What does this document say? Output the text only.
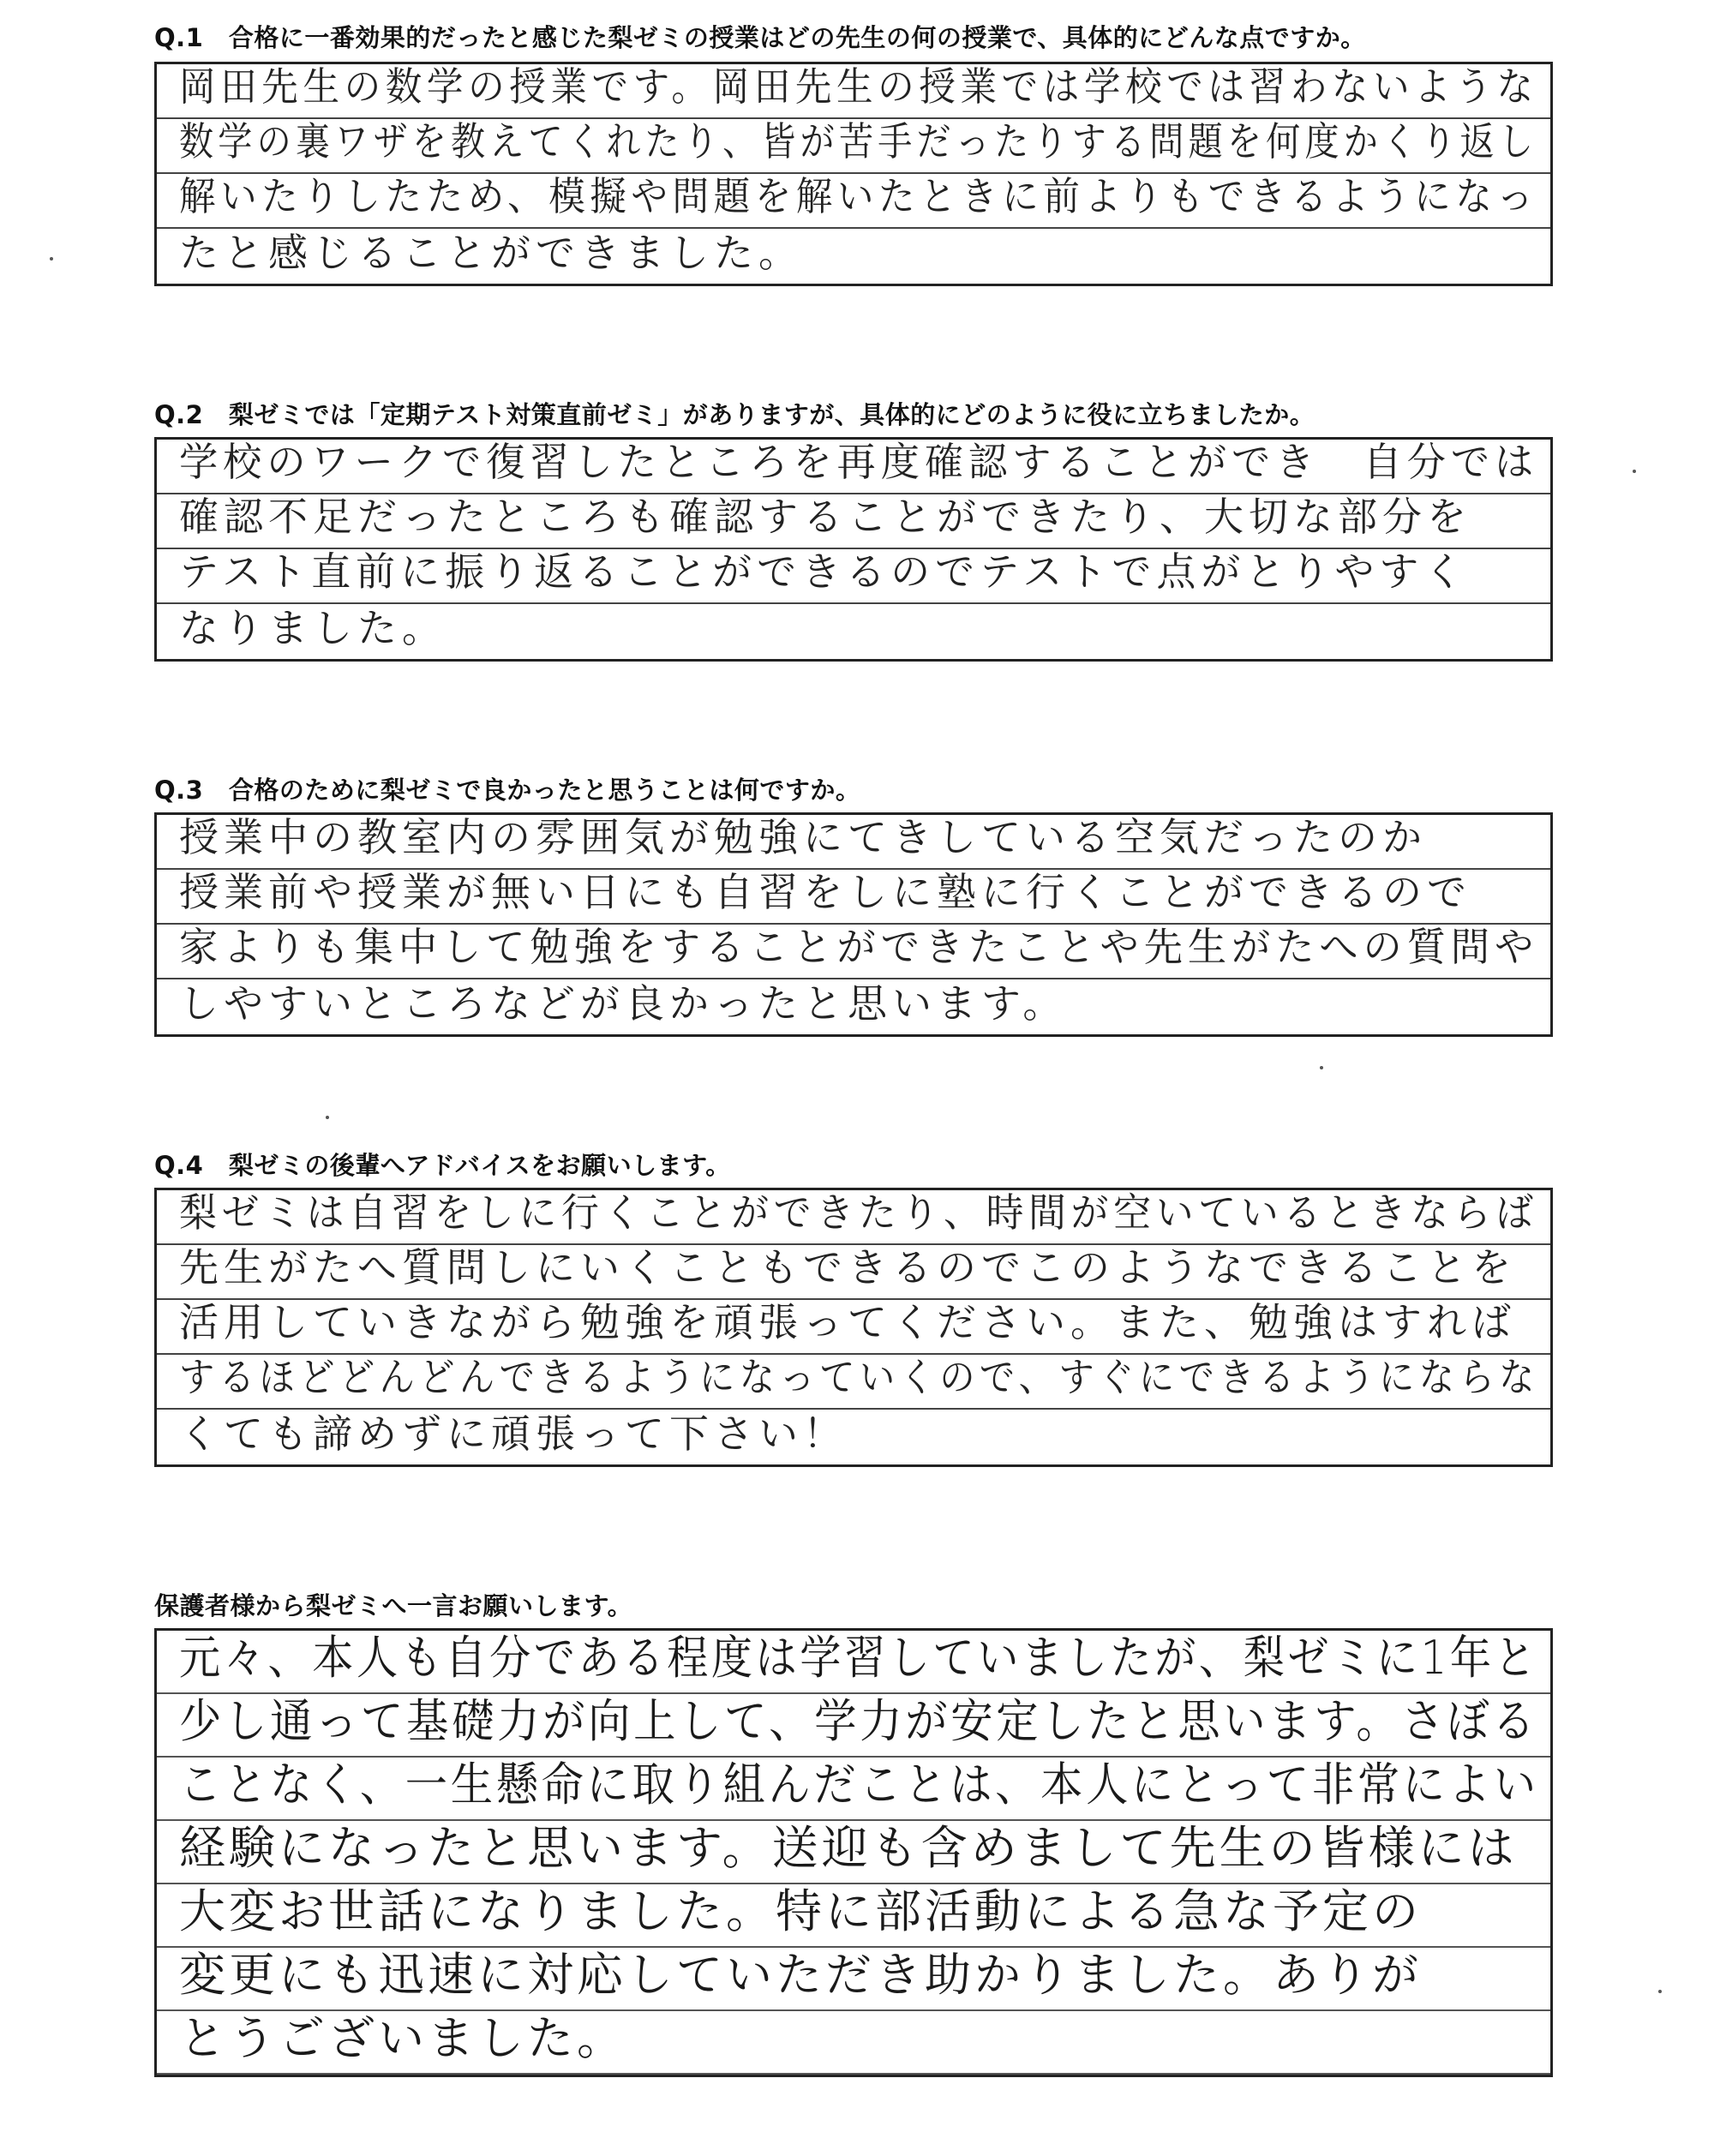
Q.1　合格に一番効果的だったと感じた梨ゼミの授業はどの先生の何の授業で、具体的にどんな点ですか。
岡田先生の数学の授業です。岡田先生の授業では学校では習わないような
数学の裏ワザを教えてくれたり、皆が苦手だったりする問題を何度かくり返し
解いたりしたため、模擬や問題を解いたときに前よりもできるようになっ
たと感じることができました。
Q.2　梨ゼミでは「定期テスト対策直前ゼミ」がありますが、具体的にどのように役に立ちましたか。
学校のワークで復習したところを再度確認することができ　自分では
確認不足だったところも確認することができたり、大切な部分を
テスト直前に振り返ることができるのでテストで点がとりやすく
なりました。
Q.3　合格のために梨ゼミで良かったと思うことは何ですか。
授業中の教室内の雰囲気が勉強にてきしている空気だったのか
授業前や授業が無い日にも自習をしに塾に行くことができるので
家よりも集中して勉強をすることができたことや先生がたへの質問や
しやすいところなどが良かったと思います。
Q.4　梨ゼミの後輩へアドバイスをお願いします。
梨ゼミは自習をしに行くことができたり、時間が空いているときならば
先生がたへ質問しにいくこともできるのでこのようなできることを
活用していきながら勉強を頑張ってください。また、勉強はすれば
するほどどんどんできるようになっていくので、すぐにできるようにならな
くても諦めずに頑張って下さい！
保護者様から梨ゼミへ一言お願いします。
元々、本人も自分である程度は学習していましたが、梨ゼミに1年と
少し通って基礎力が向上して、学力が安定したと思います。さぼる
ことなく、一生懸命に取り組んだことは、本人にとって非常によい
経験になったと思います。送迎も含めまして先生の皆様には
大変お世話になりました。特に部活動による急な予定の
変更にも迅速に対応していただき助かりました。ありが
とうございました。
